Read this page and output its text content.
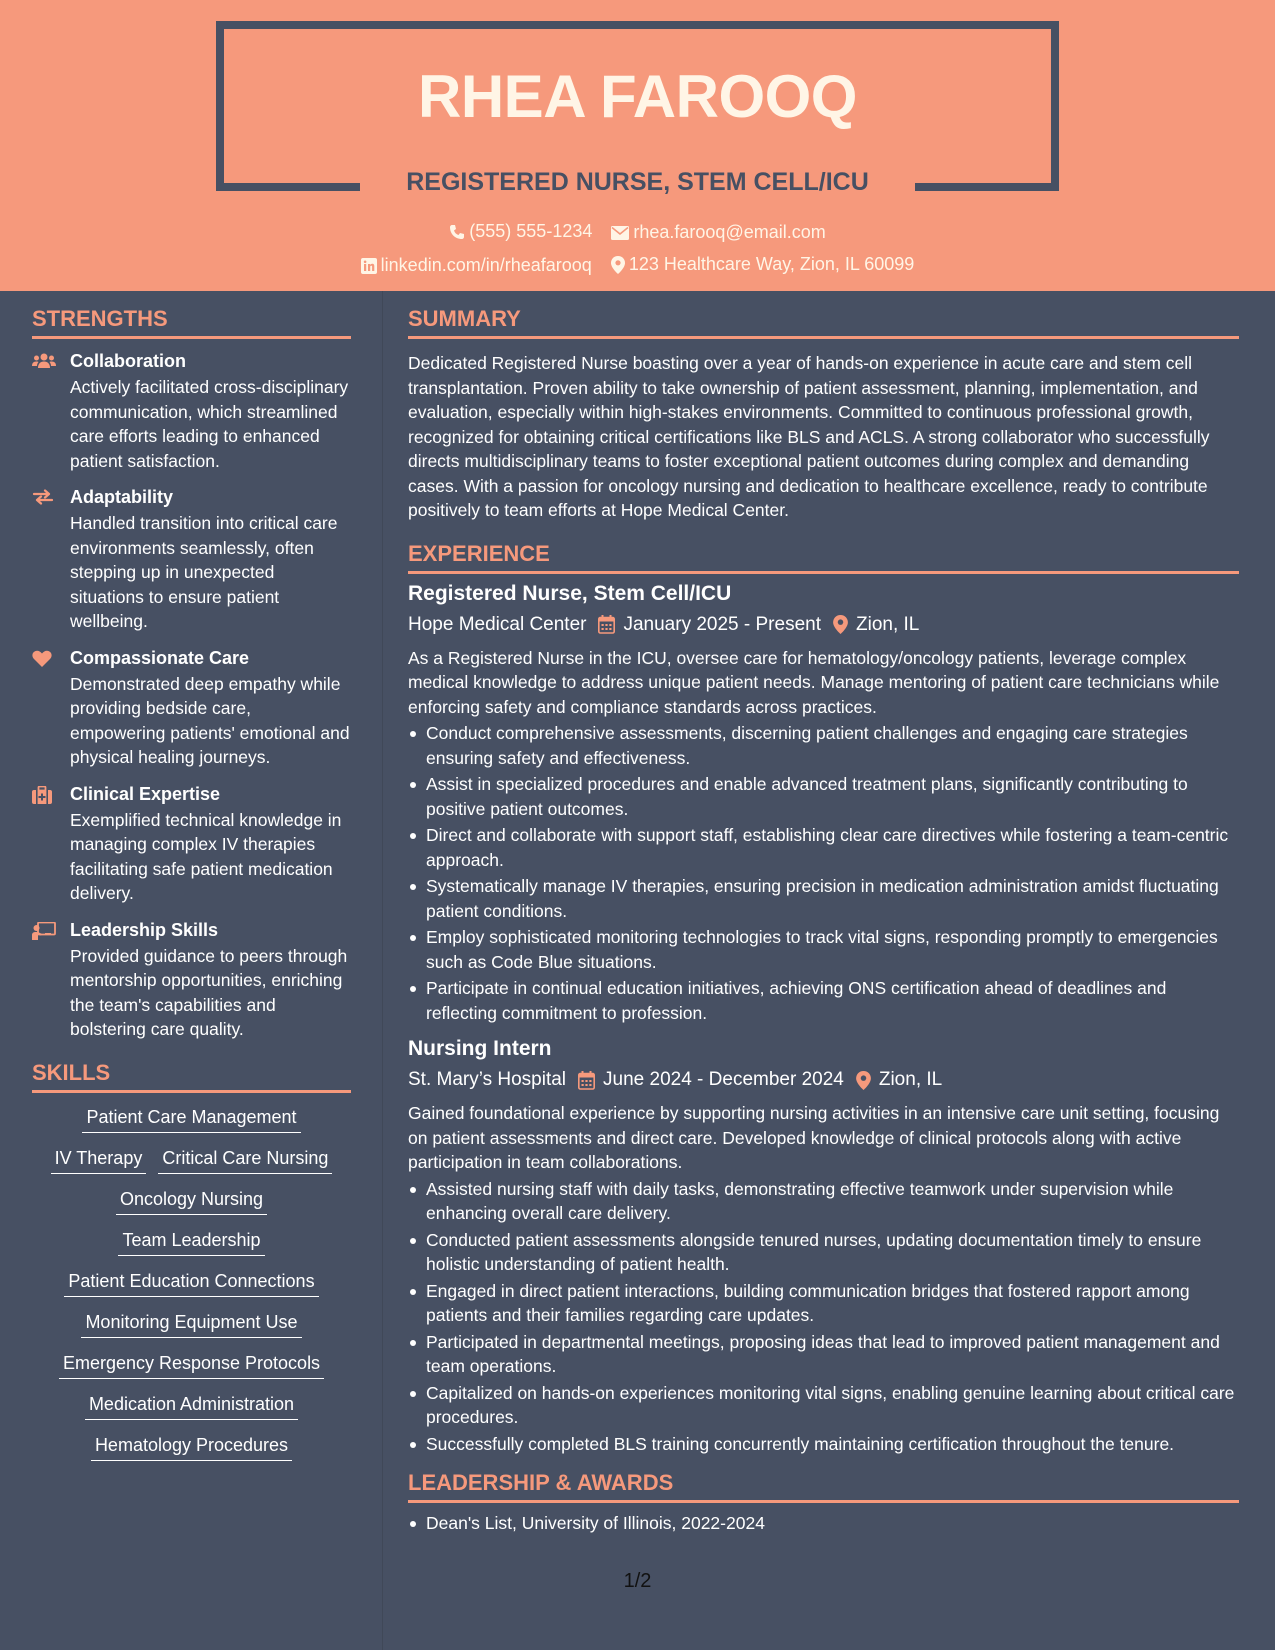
RHEA FAROOQ
REGISTERED NURSE, STEM CELL/ICU
(555) 555-1234
rhea.farooq@email.com
linkedin.com/in/rheafarooq
123 Healthcare Way, Zion, IL 60099
STRENGTHS
Collaboration
Actively facilitated cross-disciplinary communication, which streamlined care efforts leading to enhanced patient satisfaction.
Adaptability
Handled transition into critical care environments seamlessly, often stepping up in unexpected situations to ensure patient wellbeing.
Compassionate Care
Demonstrated deep empathy while providing bedside care, empowering patients' emotional and physical healing journeys.
Clinical Expertise
Exemplified technical knowledge in managing complex IV therapies facilitating safe patient medication delivery.
Leadership Skills
Provided guidance to peers through mentorship opportunities, enriching the team's capabilities and bolstering care quality.
SKILLS
Patient Care Management
IV Therapy Critical Care Nursing
Oncology Nursing
Team Leadership
Patient Education Connections
Monitoring Equipment Use
Emergency Response Protocols
Medication Administration
Hematology Procedures
SUMMARY
Dedicated Registered Nurse boasting over a year of hands-on experience in acute care and stem cell transplantation. Proven ability to take ownership of patient assessment, planning, implementation, and evaluation, especially within high-stakes environments. Committed to continuous professional growth, recognized for obtaining critical certifications like BLS and ACLS. A strong collaborator who successfully directs multidisciplinary teams to foster exceptional patient outcomes during complex and demanding cases. With a passion for oncology nursing and dedication to healthcare excellence, ready to contribute positively to team efforts at Hope Medical Center.
EXPERIENCE
Registered Nurse, Stem Cell/ICU
Hope Medical Center January 2025 - Present Zion, IL
As a Registered Nurse in the ICU, oversee care for hematology/oncology patients, leverage complex medical knowledge to address unique patient needs. Manage mentoring of patient care technicians while enforcing safety and compliance standards across practices.
Conduct comprehensive assessments, discerning patient challenges and engaging care strategies ensuring safety and effectiveness.
Assist in specialized procedures and enable advanced treatment plans, significantly contributing to positive patient outcomes.
Direct and collaborate with support staff, establishing clear care directives while fostering a team-centric approach.
Systematically manage IV therapies, ensuring precision in medication administration amidst fluctuating patient conditions.
Employ sophisticated monitoring technologies to track vital signs, responding promptly to emergencies such as Code Blue situations.
Participate in continual education initiatives, achieving ONS certification ahead of deadlines and reflecting commitment to profession.
Nursing Intern
St. Mary’s Hospital June 2024 - December 2024 Zion, IL
Gained foundational experience by supporting nursing activities in an intensive care unit setting, focusing on patient assessments and direct care. Developed knowledge of clinical protocols along with active participation in team collaborations.
Assisted nursing staff with daily tasks, demonstrating effective teamwork under supervision while enhancing overall care delivery.
Conducted patient assessments alongside tenured nurses, updating documentation timely to ensure holistic understanding of patient health.
Engaged in direct patient interactions, building communication bridges that fostered rapport among patients and their families regarding care updates.
Participated in departmental meetings, proposing ideas that lead to improved patient management and team operations.
Capitalized on hands-on experiences monitoring vital signs, enabling genuine learning about critical care procedures.
Successfully completed BLS training concurrently maintaining certification throughout the tenure.
LEADERSHIP & AWARDS
Dean's List, University of Illinois, 2022-2024
1/2
